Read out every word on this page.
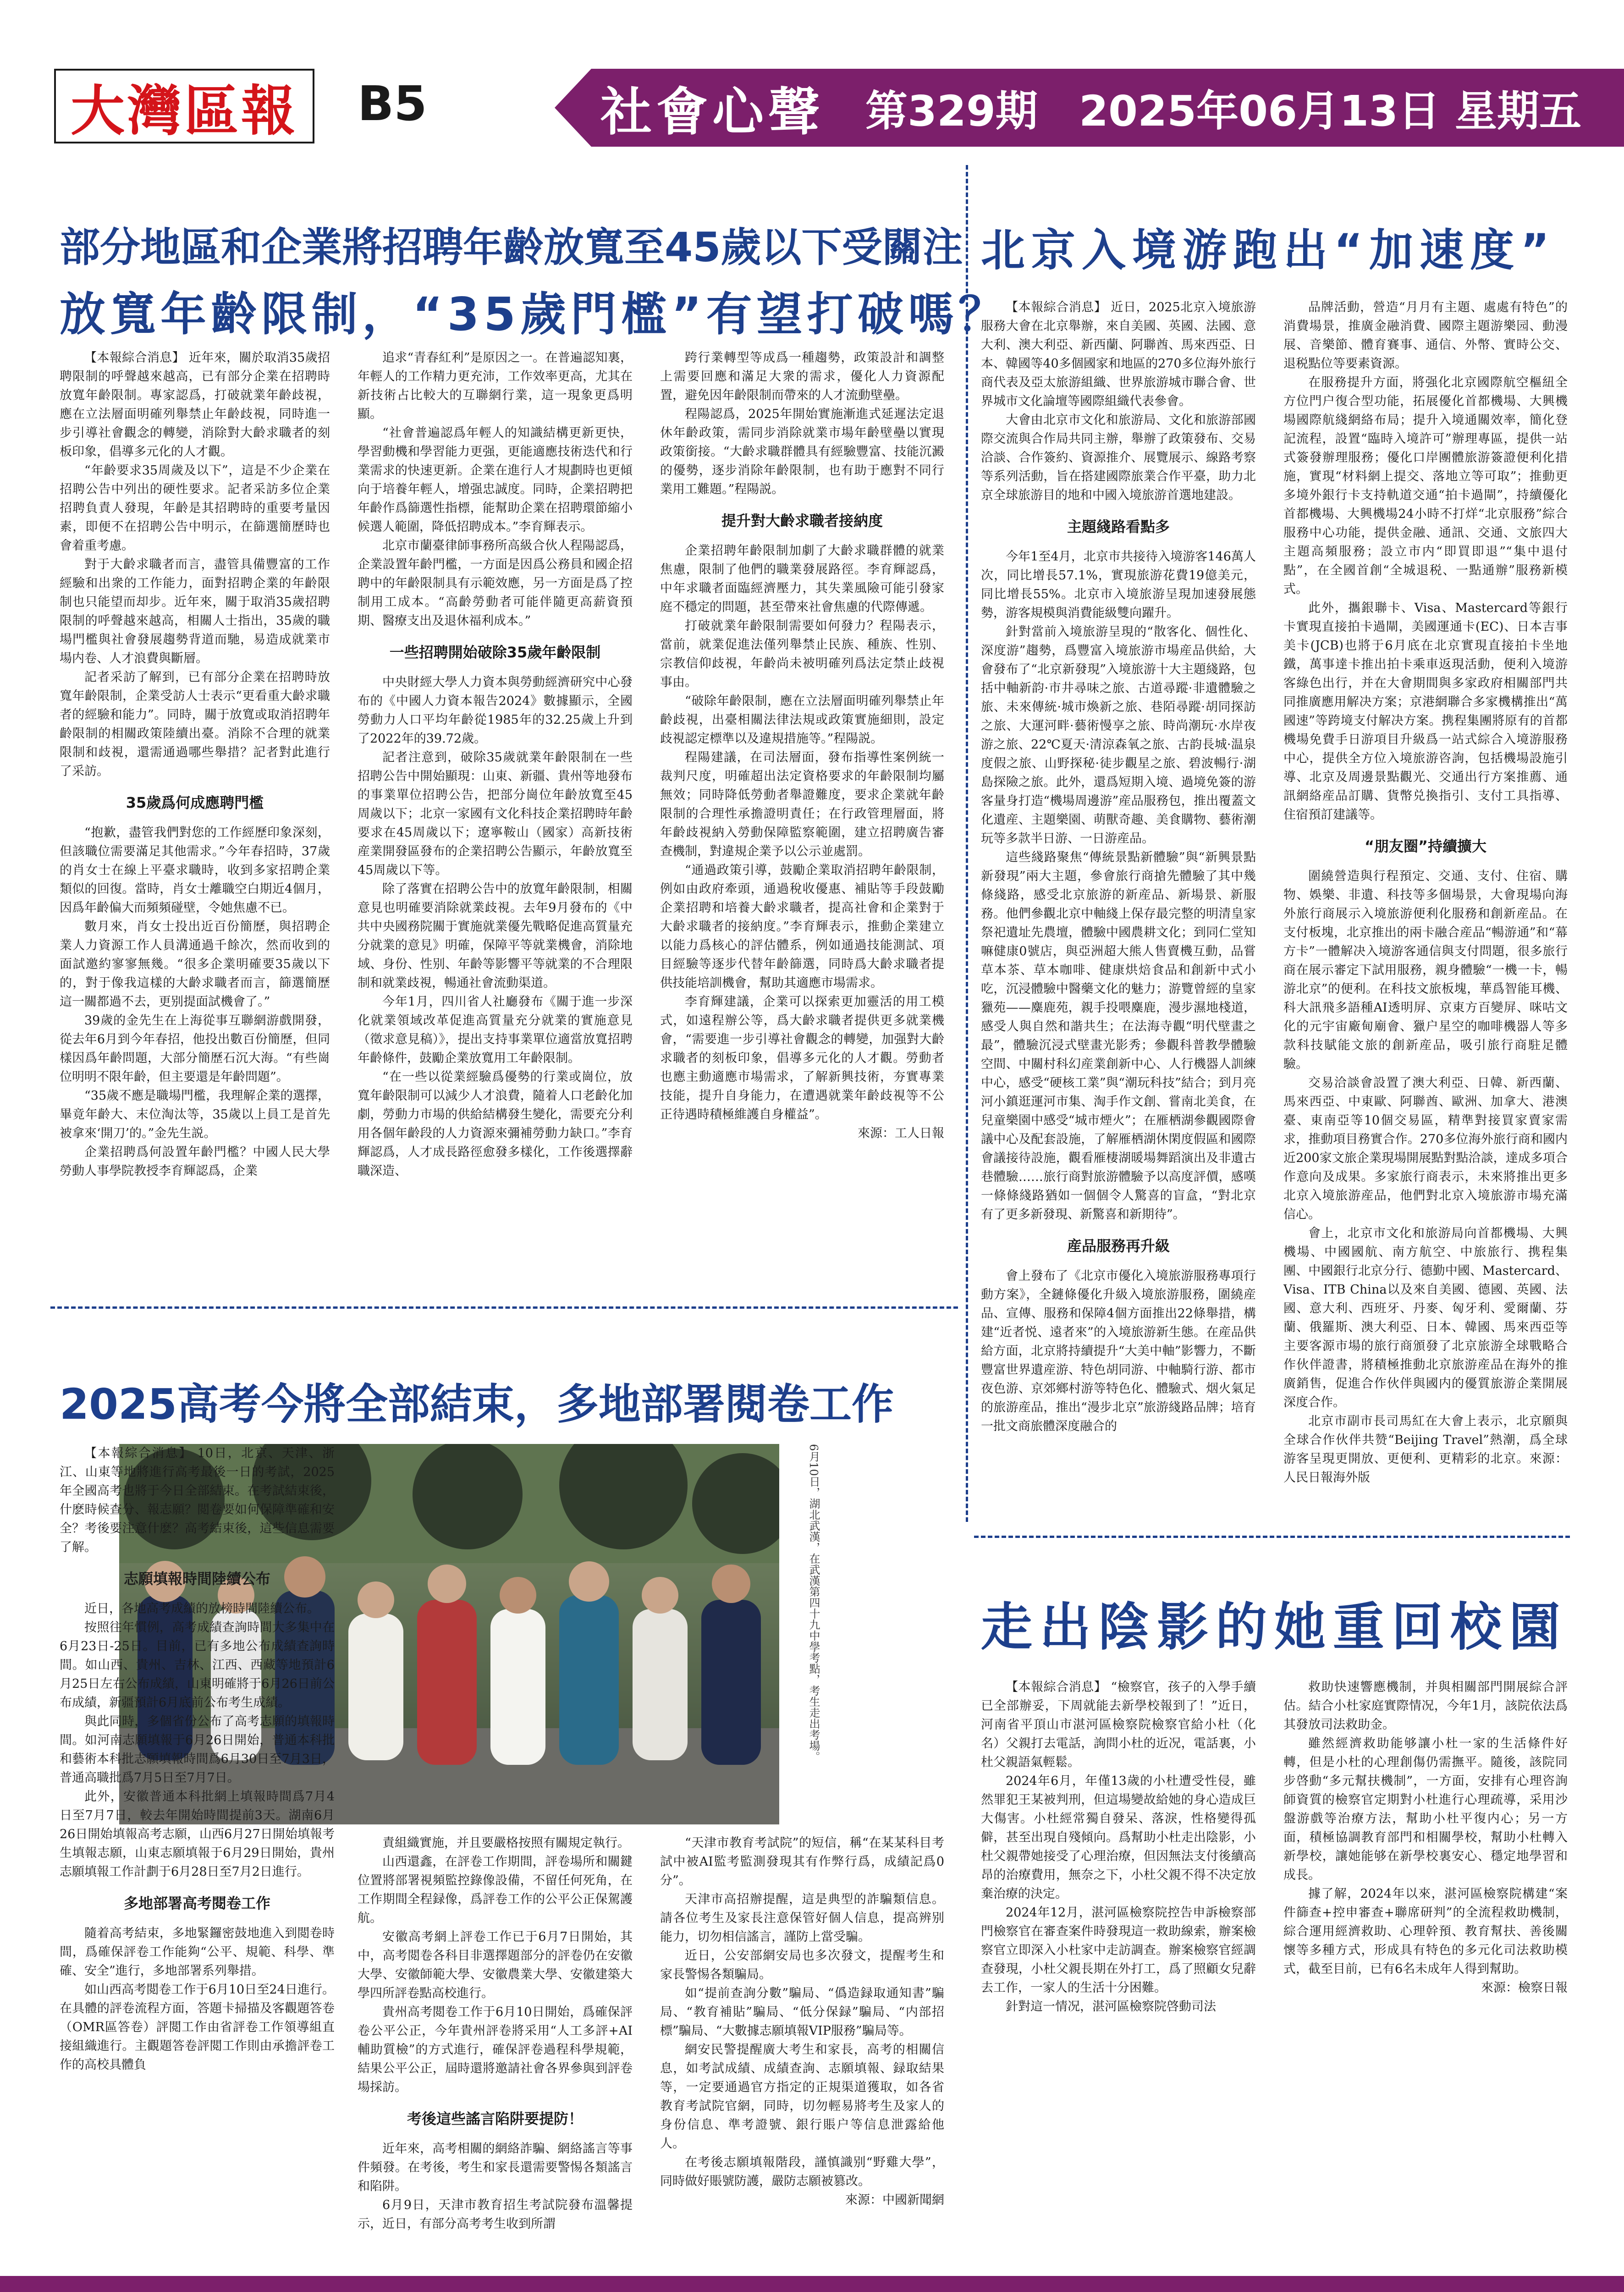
大灣區報 B5	社會心聲 第329期 2025年06月13日 星期五
部分地區和企業將招聘年齡放寬至45歲以下受關注
放寬年齡限制，“35歲門檻”有望打破嗎？

【本報綜合消息】 近年來，關於取消35歲招聘限制的呼聲越來越高，已有部分企業在招聘時放寬年齡限制。專家認爲，打破就業年齡歧視，應在立法層面明確列舉禁止年齡歧視，同時進一步引導社會觀念的轉變，消除對大齡求職者的刻板印象，倡導多元化的人才觀。

“年齡要求35周歲及以下”，這是不少企業在招聘公告中列出的硬性要求。記者采訪多位企業招聘負責人發現，年齡是其招聘時的重要考量因素，即便不在招聘公告中明示，在篩選簡歷時也會着重考慮。

對于大齡求職者而言，盡管具備豐富的工作經驗和出衆的工作能力，面對招聘企業的年齡限制也只能望而却步。近年來，關于取消35歲招聘限制的呼聲越來越高，相關人士指出，35歲的職場門檻與社會發展趨勢背道而馳，易造成就業市場内卷、人才浪費與斷層。

記者采訪了解到，已有部分企業在招聘時放寬年齡限制，企業受訪人士表示“更看重大齡求職者的經驗和能力”。同時，關于放寬或取消招聘年齡限制的相關政策陸續出臺。消除不合理的就業限制和歧視，還需通過哪些舉措？記者對此進行了采訪。

35歲爲何成應聘門檻

“抱歉，盡管我們對您的工作經歷印象深刻，但該職位需要滿足其他需求。”今年春招時，37歲的肖女士在線上平臺求職時，收到多家招聘企業類似的回復。當時，肖女士離職空白期近4個月，因爲年齡偏大而頻頻碰壁，令她焦慮不已。

數月來，肖女士投出近百份簡歷，與招聘企業人力資源工作人員溝通過千餘次，然而收到的面試邀約寥寥無幾。“很多企業明確要35歲以下的，對于像我這樣的大齡求職者而言，篩選簡歷這一關都過不去，更别提面試機會了。”

39歲的金先生在上海從事互聯網游戲開發，從去年6月到今年春招，他投出數百份簡歷，但同樣因爲年齡問題，大部分簡歷石沉大海。“有些崗位明明不限年齡，但主要還是年齡問題”。

“35歲不應是職場門檻，我理解企業的選擇，畢竟年齡大、末位淘汰等，35歲以上員工是首先被拿來‘開刀’的。”金先生説。

企業招聘爲何設置年齡門檻？中國人民大學勞動人事學院教授李育輝認爲，企業

追求“青春紅利”是原因之一。在普遍認知裏，年輕人的工作精力更充沛，工作效率更高，尤其在新技術占比較大的互聯網行業，這一現象更爲明顯。

“社會普遍認爲年輕人的知識結構更新更快，學習動機和學習能力更强，更能適應技術迭代和行業需求的快速更新。企業在進行人才規劃時也更傾向于培養年輕人，增强忠誠度。同時，企業招聘把年齡作爲篩選性指標，能幫助企業在招聘環節縮小候選人範圍，降低招聘成本。”李育輝表示。

北京市蘭臺律師事務所高級合伙人程陽認爲，企業設置年齡門檻，一方面是因爲公務員和國企招聘中的年齡限制具有示範效應，另一方面是爲了控制用工成本。“高齡勞動者可能伴隨更高薪資預期、醫療支出及退休福利成本。”

一些招聘開始破除35歲年齡限制

中央財經大學人力資本與勞動經濟研究中心發布的《中國人力資本報告2024》數據顯示，全國勞動力人口平均年齡從1985年的32.25歲上升到了2022年的39.72歲。

記者注意到，破除35歲就業年齡限制在一些招聘公告中開始顯現：山東、新疆、貴州等地發布的事業單位招聘公告，把部分崗位年齡放寬至45周歲以下；北京一家國有文化科技企業招聘時年齡要求在45周歲以下；遼寧鞍山（國家）高新技術産業開發區發布的企業招聘公告顯示，年齡放寬至45周歲以下等。

除了落實在招聘公告中的放寬年齡限制，相關意見也明確要消除就業歧視。去年9月發布的《中共中央國務院關于實施就業優先戰略促進高質量充分就業的意見》明確，保障平等就業機會，消除地域、身份、性别、年齡等影響平等就業的不合理限制和就業歧視，暢通社會流動渠道。

今年1月，四川省人社廳發布《關于進一步深化就業領域改革促進高質量充分就業的實施意見（徵求意見稿）》，提出支持事業單位適當放寬招聘年齡條件，鼓勵企業放寬用工年齡限制。

“在一些以從業經驗爲優勢的行業或崗位，放寬年齡限制可以減少人才浪費，隨着人口老齡化加劇，勞動力市場的供給結構發生變化，需要充分利用各個年齡段的人力資源來彌補勞動力缺口。”李育輝認爲，人才成長路徑愈發多樣化，工作後選擇辭職深造、

跨行業轉型等成爲一種趨勢，政策設計和調整上需要回應和滿足大衆的需求，優化人力資源配置，避免因年齡限制而帶來的人才流動壁壘。

程陽認爲，2025年開始實施漸進式延遲法定退休年齡政策，需同步消除就業市場年齡壁壘以實現政策銜接。“大齡求職群體具有經驗豐富、技能沉澱的優勢，逐步消除年齡限制，也有助于應對不同行業用工難題。”程陽説。

提升對大齡求職者接納度

企業招聘年齡限制加劇了大齡求職群體的就業焦慮，限制了他們的職業發展路徑。李育輝認爲，中年求職者面臨經濟壓力，其失業風險可能引發家庭不穩定的問題，甚至帶來社會焦慮的代際傳遞。

打破就業年齡限制需要如何發力？程陽表示，當前，就業促進法僅列舉禁止民族、種族、性别、宗教信仰歧視，年齡尚未被明確列爲法定禁止歧視事由。

“破除年齡限制，應在立法層面明確列舉禁止年齡歧視，出臺相關法律法規或政策實施細則，設定歧視認定標準以及違規措施等。”程陽説。

程陽建議，在司法層面，發布指導性案例統一裁判尺度，明確超出法定資格要求的年齡限制均屬無效；同時降低勞動者舉證難度，要求企業就年齡限制的合理性承擔證明責任；在行政管理層面，將年齡歧視納入勞動保障監察範圍，建立招聘廣告審查機制，對違規企業予以公示並處罰。

“通過政策引導，鼓勵企業取消招聘年齡限制，例如由政府牽頭，通過稅收優惠、補貼等手段鼓勵企業招聘和培養大齡求職者，提高社會和企業對于大齡求職者的接納度。”李育輝表示，推動企業建立以能力爲核心的評估體系，例如通過技能測試、項目經驗等逐步代替年齡篩選，同時爲大齡求職者提供技能培訓機會，幫助其適應市場需求。

李育輝建議，企業可以探索更加靈活的用工模式，如遠程辦公等，爲大齡求職者提供更多就業機會，“需要進一步引導社會觀念的轉變，加强對大齡求職者的刻板印象，倡導多元化的人才觀。勞動者也應主動適應市場需求，了解新興技術，夯實專業技能，提升自身能力，在遭遇就業年齡歧視等不公正待遇時積極維護自身權益”。

來源：工人日報

北京入境游跑出“加速度”

【本報綜合消息】 近日，2025北京入境旅游服務大會在北京舉辦，來自美國、英國、法國、意大利、澳大利亞、新西蘭、阿聯酋、馬來西亞、日本、韓國等40多個國家和地區的270多位海外旅行商代表及亞太旅游組織、世界旅游城市聯合會、世界城市文化論壇等國際組織代表參會。

大會由北京市文化和旅游局、文化和旅游部國際交流與合作局共同主辦，舉辦了政策發布、交易洽談、合作簽約、資源推介、展覽展示、線路考察等系列活動，旨在搭建國際旅業合作平臺，助力北京全球旅游目的地和中國入境旅游首選地建設。

主題綫路看點多

今年1至4月，北京市共接待入境游客146萬人次，同比增長57.1%，實現旅游花費19億美元，同比增長55%。北京市入境旅游呈現加速發展態勢，游客規模與消費能級雙向躍升。

針對當前入境旅游呈現的“散客化、個性化、深度游”趨勢，爲豐富入境旅游市場産品供給，大會發布了“北京新發現”入境旅游十大主題綫路，包括中軸新韵·市井尋味之旅、古道尋蹤·非遺體驗之旅、未來傳統·城市煥新之旅、巷陌尋蹤·胡同探訪之旅、大運河畔·藝術慢享之旅、時尚潮玩·水岸夜游之旅、22℃夏天·清涼森氧之旅、古韵長城·温泉度假之旅、山野探秘·徒步觀星之旅、碧波暢行·湖島探險之旅。此外，還爲短期入境、過境免簽的游客量身打造“機場周邊游”産品服務包，推出覆蓋文化遺産、主題樂園、萌獸奇趣、美食購物、藝術潮玩等多款半日游、一日游産品。

這些綫路聚焦“傳統景點新體驗”與“新興景點新發現”兩大主題，參會旅行商搶先體驗了其中幾條綫路，感受北京旅游的新産品、新場景、新服務。他們參觀北京中軸綫上保存最完整的明清皇家祭祀遺址先農壇，體驗中國農耕文化；到同仁堂知嘛健康0號店，與亞洲超大熊人售賣機互動，品嘗草本茶、草本咖啡、健康烘焙食品和創新中式小吃，沉浸體驗中醫藥文化的魅力；游覽曾經的皇家獵苑——麋鹿苑，親手投喂麋鹿，漫步濕地棧道，感受人與自然和諧共生；在法海寺觀“明代壁畫之最”，體驗沉浸式壁畫光影秀；參觀科普教學體驗空間、中關村科幻産業創新中心、人行機器人訓練中心，感受“硬核工業”與“潮玩科技”結合；到月亮河小鎮逛運河市集、淘手作文創、嘗南北美食，在兒童樂園中感受“城市煙火”；在雁栖湖參觀國際會議中心及配套設施，了解雁栖湖休閑度假區和國際會議接待設施，觀看雁棲湖暖場舞蹈演出及非遺古巷體驗……旅行商對旅游體驗予以高度評價，感嘆一條條綫路猶如一個個令人驚喜的盲盒，“對北京有了更多新發現、新驚喜和新期待”。

産品服務再升級

會上發布了《北京市優化入境旅游服務專項行動方案》，全鏈條優化升級入境旅游服務，圍繞産品、宣傳、服務和保障4個方面推出22條舉措，構建“近者悦、遠者來”的入境旅游新生態。在産品供給方面，北京將持續提升“大美中軸”影響力，不斷豐富世界遺産游、特色胡同游、中軸騎行游、都市夜色游、京郊鄉村游等特色化、體驗式、烟火氣足的旅游産品，推出“漫步北京”旅游綫路品牌；培育一批文商旅體深度融合的

品牌活動，營造“月月有主題、處處有特色”的消費場景，推廣金融消費、國際主題游樂园、動漫展、音樂節、體育賽事、通信、外幣、實時公交、退税點位等要素資源。

在服務提升方面，將强化北京國際航空樞紐全方位門户復合型功能，拓展優化首都機場、大興機場國際航綫網絡布局；提升入境通關效率，簡化登記流程，設置“臨時入境許可”辦理專區，提供一站式簽發辦理服務；優化口岸團體旅游簽證便利化措施，實現“材料網上提交、落地立等可取”；推動更多境外銀行卡支持軌道交通“拍卡過閘”，持續優化首都機場、大興機場24小時不打烊“北京服務”綜合服務中心功能，提供金融、通訊、交通、文旅四大主題高頻服務；設立市内“即買即退”“集中退付點”，在全國首創“全城退税、一點通辦”服務新模式。

此外，攜銀聯卡、Visa、Mastercard等銀行卡實現直接拍卡過閘，美國運通卡(EC)、日本吉事美卡(JCB)也將于6月底在北京實現直接拍卡坐地鐵，萬事達卡推出拍卡乘車返現活動，便利入境游客綠色出行，并在大會期間與多家政府相關部門共同推廣應用解决方案；京港網聯合多家機構推出“萬國速”等跨境支付解决方案。携程集團將原有的首都機場免費手日游項目升級爲一站式綜合入境游服務中心，提供全方位入境旅游咨詢，包括機場設施引導、北京及周邊景點觀光、交通出行方案推薦、通訊網絡産品訂購、貨幣兑換指引、支付工具指導、住宿預訂建議等。

“朋友圈”持續擴大

圍繞營造與行程預定、交通、支付、住宿、購物、娛樂、非遺、科技等多個場景，大會現場向海外旅行商展示入境旅游便利化服務和創新産品。在支付板塊，北京推出的兩卡融合産品“暢游通”和“幕方卡”一體解决入境游客通信與支付問題，很多旅行商在展示審定下試用服務，親身體驗“一機一卡，暢游北京”的便利。在科技文旅板塊，華爲智能耳機、科大訊飛多語種AI透明屏、京東方百變屏、咪咕文化的元宇宙廠甸廟會、獵户星空的咖啡機器人等多款科技賦能文旅的創新産品，吸引旅行商駐足體驗。

交易洽談會設置了澳大利亞、日韓、新西蘭、馬來西亞、中東歐、阿聯酋、歐洲、加拿大、港澳臺、東南亞等10個交易區，精準對接買家賣家需求，推動項目務實合作。270多位海外旅行商和國内近200家文旅企業現場開展點對點洽談，達成多項合作意向及成果。多家旅行商表示，未來將推出更多北京入境旅游産品，他們對北京入境旅游市場充滿信心。

會上，北京市文化和旅游局向首都機場、大興機場、中國國航、南方航空、中旅旅行、携程集團、中國銀行北京分行、德勤中國、Mastercard、Visa、ITB China以及來自美國、德國、英國、法國、意大利、西班牙、丹麥、匈牙利、愛爾蘭、芬蘭、俄羅斯、澳大利亞、日本、韓國、馬來西亞等主要客源市場的旅行商頒發了北京旅游全球戰略合作伙伴證書，將積極推動北京旅游産品在海外的推廣銷售，促進合作伙伴與國内的優質旅游企業開展深度合作。

北京市副市長司馬紅在大會上表示，北京願與全球合作伙伴共赞“Beijing Travel”熱潮，爲全球游客呈現更開放、更便利、更精彩的北京。來源：人民日報海外版

2025高考今將全部結束，多地部署閱卷工作
6月10日，湖北武漢，在武漢第四十九中學考點，考生走出考場。

【本報綜合消息】 10日，北京、天津、浙江、山東等地將進行高考最後一日的考試，2025年全國高考也將于今日全部結束。在考試結束後，什麽時候查分、報志願？閲卷要如何保障準確和安全？考後要注意什麽？高考結束後，這些信息需要了解。

志願填報時間陸續公布

近日，各地高考成績的放榜時間陸續公布。

按照往年慣例，高考成績查詢時間大多集中在6月23日-25日。目前，已有多地公布成績查詢時間。如山西、貴州、吉林、江西、西藏等地預計6月25日左右公布成績，山東明確將于6月26日前公布成績，新疆預計6月底前公布考生成績。

與此同時，多個省份公布了高考志願的填報時間。如河南志願填報于6月26日開始，普通本科批和藝術本科批志願填報時間爲6月30日至7月3日，普通高職批爲7月5日至7月7日。

此外，安徽普通本科批網上填報時間爲7月4日至7月7日，較去年開始時間提前3天。湖南6月26日開始填報高考志願，山西6月27日開始填報考生填報志願，山東志願填報于6月29日開始，貴州志願填報工作計劃于6月28日至7月2日進行。

多地部署高考閱卷工作

隨着高考結束，多地緊鑼密鼓地進入到閲卷時間，爲確保評卷工作能夠“公平、規範、科學、準確、安全”進行，多地部署系列舉措。

如山西高考閲卷工作于6月10日至24日進行。在具體的評卷流程方面，答題卡掃描及客觀題答卷（OMR區答卷）評閲工作由省評卷工作領導組直接組織進行。主觀題答卷評閲工作則由承擔評卷工作的高校具體負

責組織實施，并且要嚴格按照有關規定執行。

山西還鑫，在評卷工作期間，評卷場所和關鍵位置將部署視頻監控錄像設備，不留任何死角，在工作期間全程録像，爲評卷工作的公平公正保駕護航。

安徽高考網上評卷工作已于6月7日開始，其中，高考閲卷各科目非選擇題部分的評卷仍在安徽大學、安徽師範大學、安徽農業大學、安徽建築大學四所評卷點高校進行。

貴州高考閲卷工作于6月10日開始，爲確保評卷公平公正，今年貴州評卷將采用“人工多評+AI輔助質檢”的方式進行，確保評卷過程科學規範，結果公平公正，屆時還將邀請社會各界參與到評卷場採訪。

考後這些謠言陷阱要提防！

近年來，高考相關的網絡詐騙、網絡謠言等事件頻發。在考後，考生和家長還需要警惕各類謠言和陷阱。

6月9日，天津市教育招生考試院發布溫馨提示，近日，有部分高考考生收到所謂

“天津市教育考試院”的短信，稱“在某某科目考試中被AI監考監測發現其有作弊行爲，成績記爲0分”。

天津市高招辦提醒，這是典型的詐騙類信息。請各位考生及家長注意保管好個人信息，提高辨别能力，切勿相信謠言，謹防上當受騙。

近日，公安部網安局也多次發文，提醒考生和家長警惕各類騙局。

如“提前查詢分數”騙局、“僞造録取通知書”騙局、“教育補貼”騙局、“低分保録”騙局、“内部招標”騙局、“大數據志願填報VIP服務”騙局等。

網安民警提醒廣大考生和家長，高考的相關信息，如考試成績、成績查詢、志願填報、録取結果等，一定要通過官方指定的正規渠道獲取，如各省教育考試院官網，同時，切勿輕易將考生及家人的身份信息、準考證號、銀行賬户等信息泄露給他人。

在考後志願填報階段，謹慎識别“野雞大學”，同時做好賬號防護，嚴防志願被篡改。

來源：中國新聞網

走出陰影的她重回校園

【本報綜合消息】 “檢察官，孩子的入學手續已全部辦妥，下周就能去新學校報到了！”近日，河南省平頂山市湛河區檢察院檢察官給小杜（化名）父親打去電話，詢問小杜的近况，電話裏，小杜父親語氣輕鬆。

2024年6月，年僅13歲的小杜遭受性侵，雖然罪犯王某被判刑，但這場變故給她的身心造成巨大傷害。小杜經常獨自發呆、落淚，性格變得孤僻，甚至出現自殘傾向。爲幫助小杜走出陰影，小杜父親帶她接受了心理治療，但因無法支付後續高昂的治療費用，無奈之下，小杜父親不得不决定放棄治療的決定。

2024年12月，湛河區檢察院控告申訴檢察部門檢察官在審查案件時發現這一救助線索，辦案檢察官立即深入小杜家中走訪調查。辦案檢察官經調查發現，小杜父親長期在外打工，爲了照顧女兒辭去工作，一家人的生活十分困難。

針對這一情况，湛河區檢察院啓動司法

救助快速響應機制，并與相關部門開展綜合評估。結合小杜家庭實際情况，今年1月，該院依法爲其發放司法救助金。

雖然經濟救助能够讓小杜一家的生活條件好轉，但是小杜的心理創傷仍需撫平。隨後，該院同步啓動“多元幫扶機制”，一方面，安排有心理咨詢師資質的檢察官定期對小杜進行心理疏導，采用沙盤游戲等治療方法，幫助小杜平復内心；另一方面，積極協調教育部門和相關學校，幫助小杜轉入新學校，讓她能够在新學校裏安心、穩定地學習和成長。

據了解，2024年以來，湛河區檢察院構建“案件篩查+控申審查+聯席研判”的全流程救助機制，綜合運用經濟救助、心理幹預、教育幫扶、善後關懷等多種方式，形成具有特色的多元化司法救助模式，截至目前，已有6名未成年人得到幫助。

來源：檢察日報
